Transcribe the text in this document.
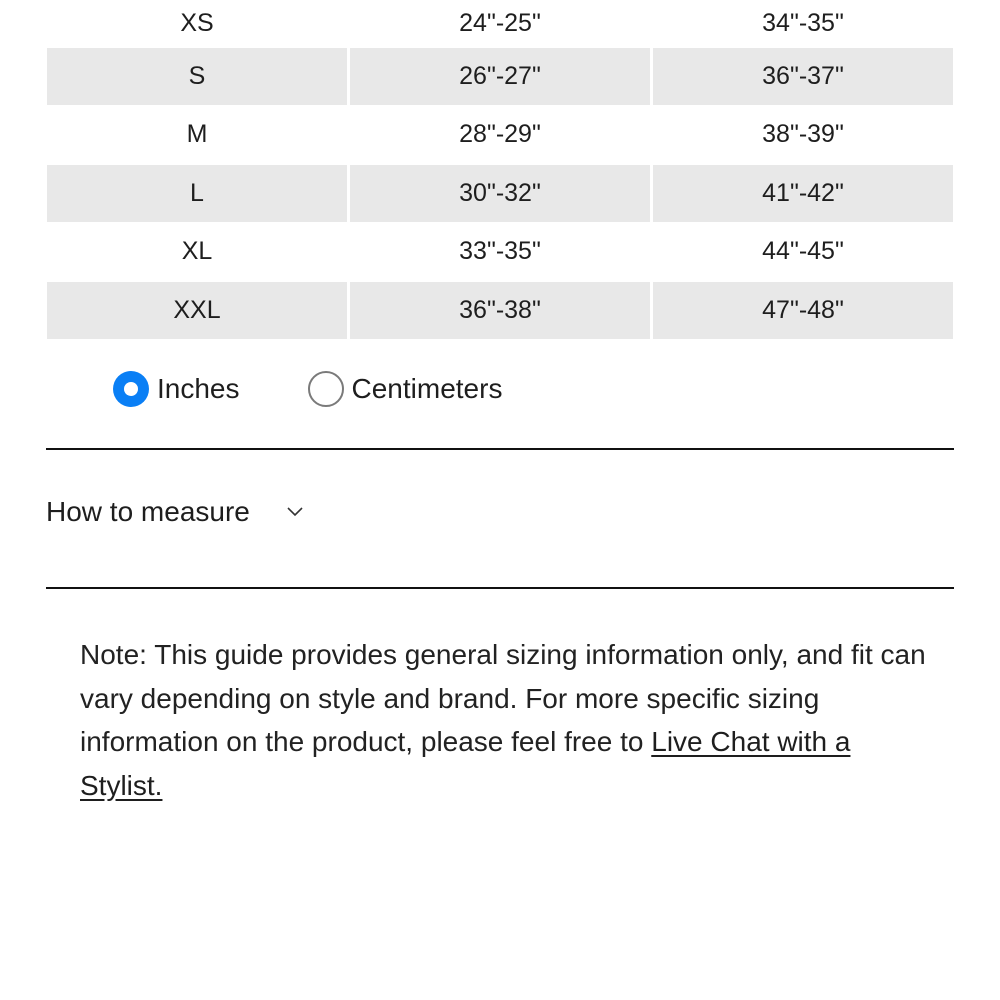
XS	24"-25"	34"-35"
S	26"-27"	36"-37"
M	28"-29"	38"-39"
L	30"-32"	41"-42"
XL	33"-35"	44"-45"
XXL	36"-38"	47"-48"
Inches	Centimeters
How to measure
Note: This guide provides general sizing information only, and fit can vary depending on style and brand. For more specific sizing information on the product, please feel free to Live Chat with a Stylist.
